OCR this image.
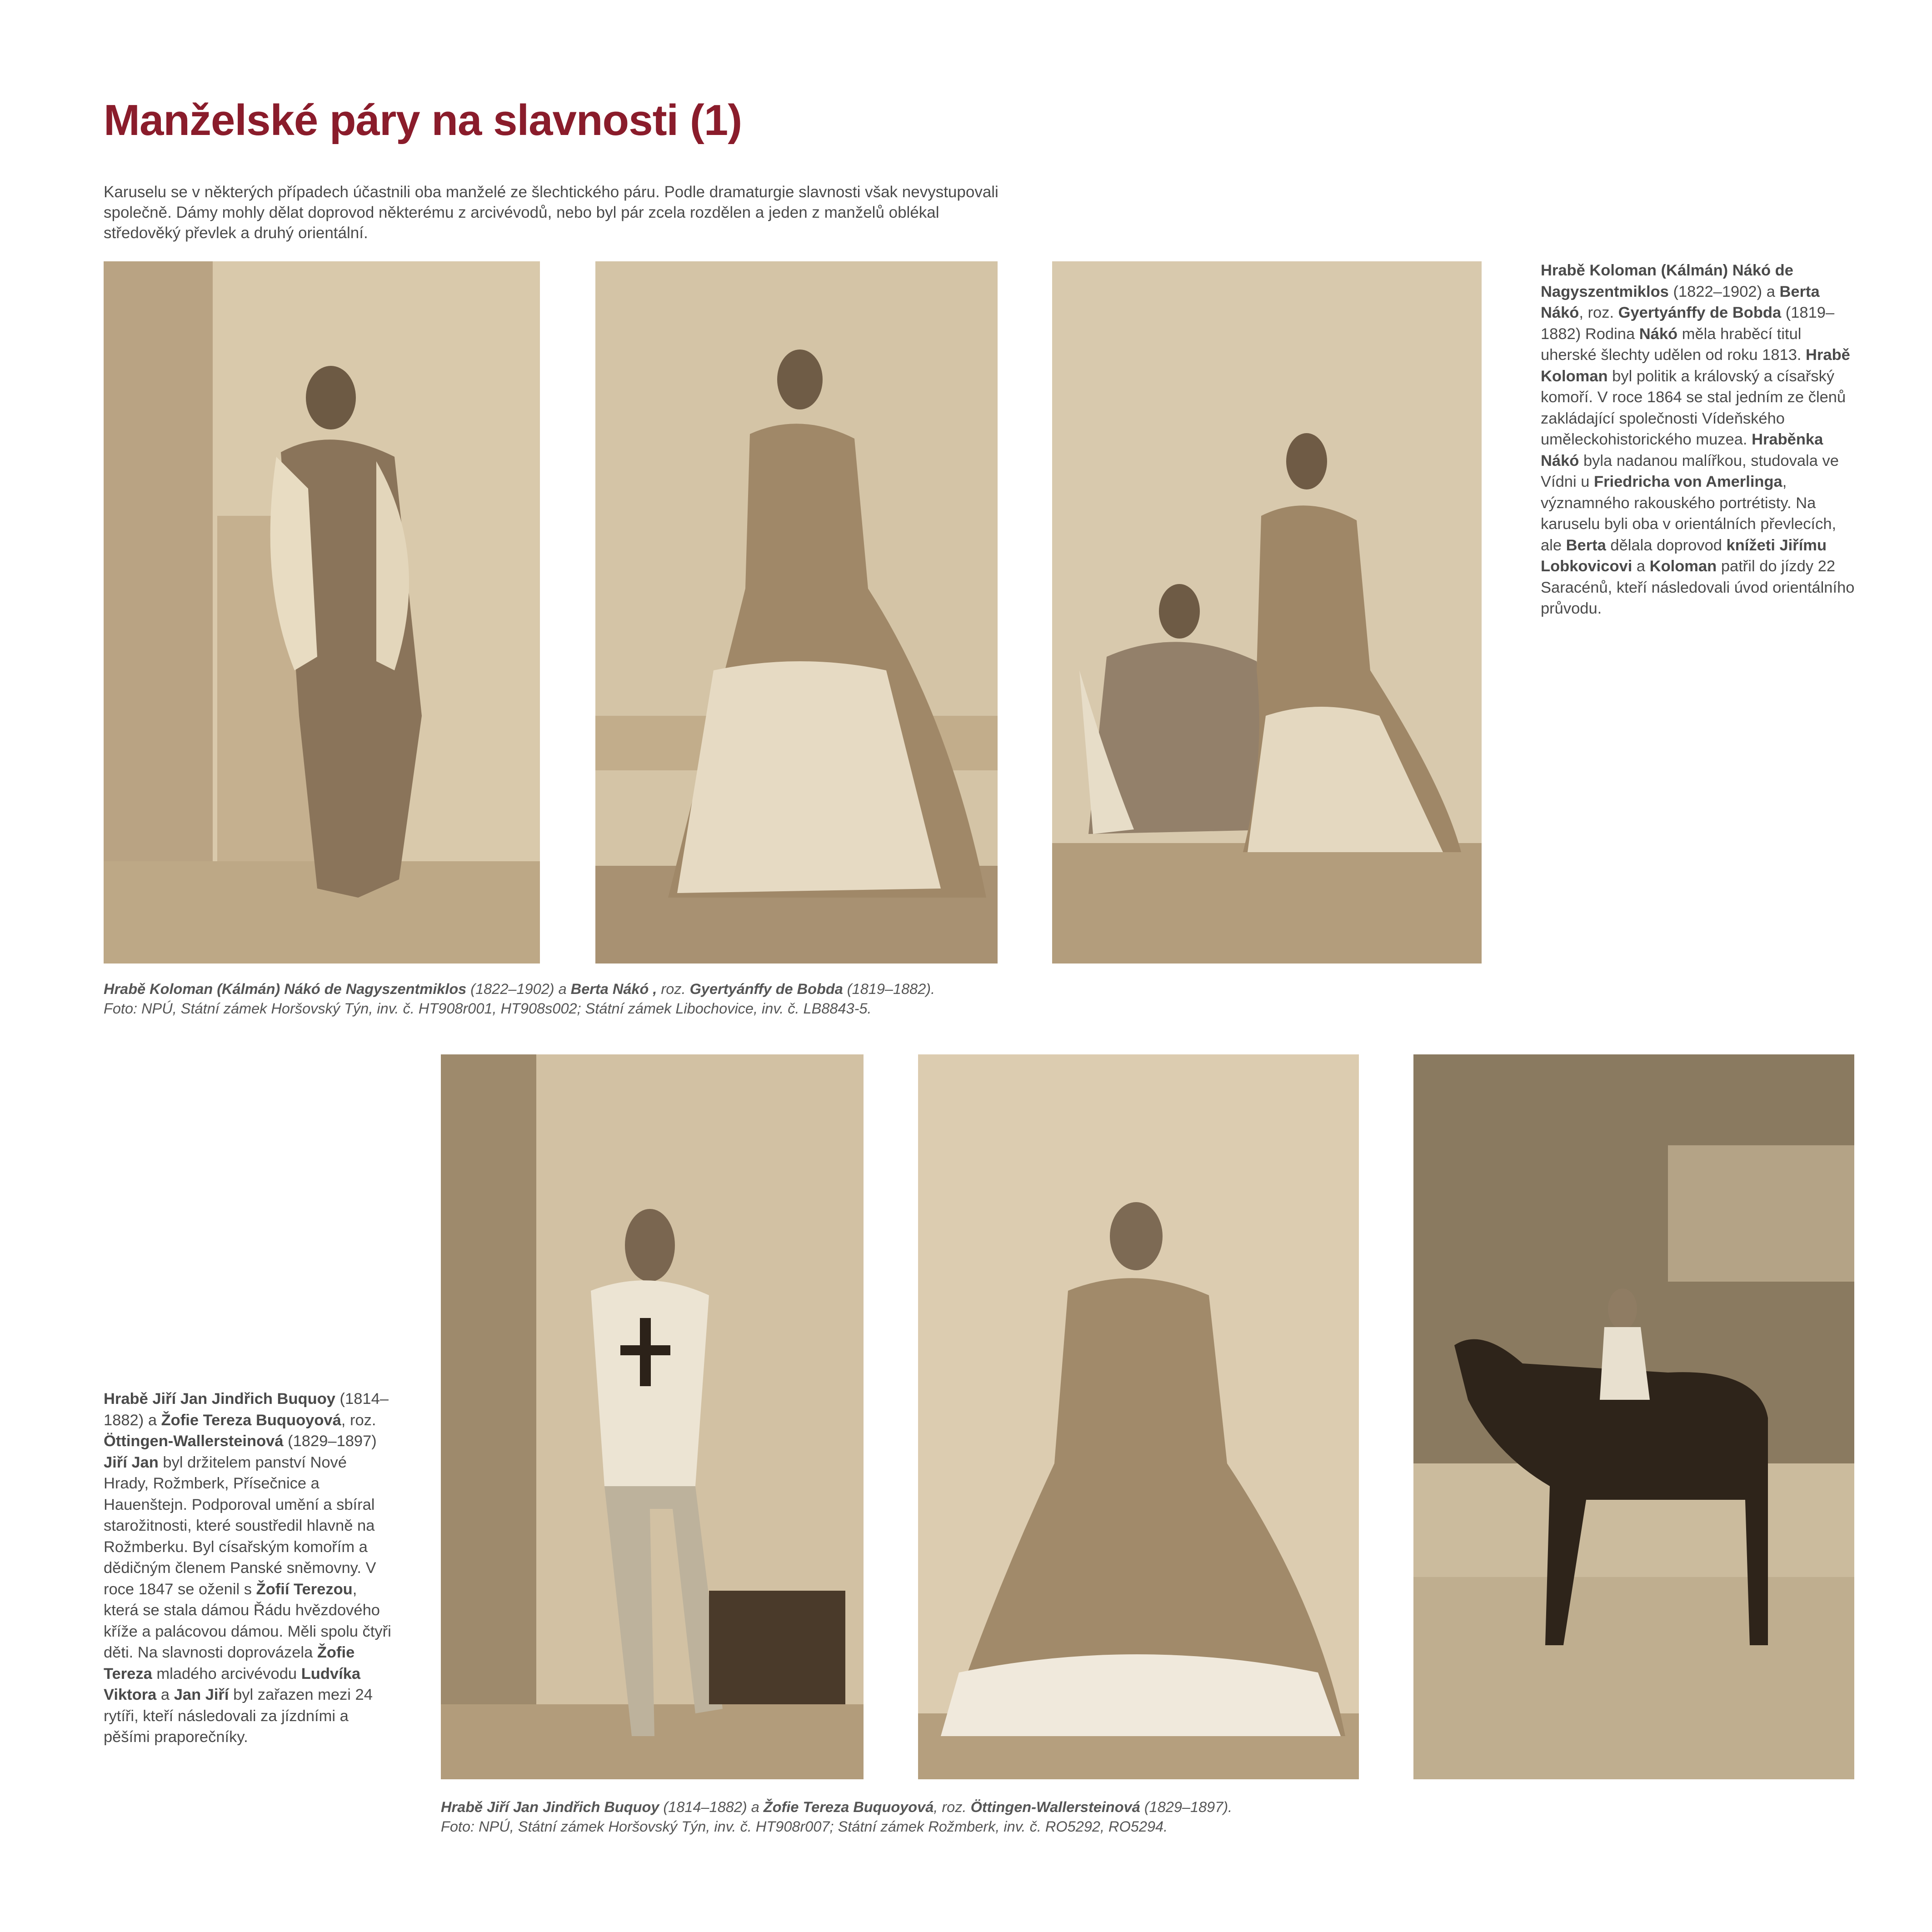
Manželské páry na slavnosti (1)

Karuselu se v některých případech účastnili oba manželé ze šlechtického páru. Podle dramaturgie slavnosti však nevystupovali společně. Dámy mohly dělat doprovod některému z arcivévodů, nebo byl pár zcela rozdělen a jeden z manželů oblékal středověký převlek a druhý orientální.

Hrabě Koloman (Kálmán) Nákó de Nagyszentmiklos (1822–1902) a Berta Nákó, roz. Gyertyánffy de Bobda (1819–1882) Rodina Nákó měla hraběcí titul uherské šlechty udělen od roku 1813. Hrabě Koloman byl politik a královský a císařský komoří. V roce 1864 se stal jedním ze členů zakládající společnosti Vídeňského uměleckohistorického muzea. Hraběnka Nákó byla nadanou malířkou, studovala ve Vídni u Friedricha von Amerlinga, významného rakouského portrétisty. Na karuselu byli oba v orientálních převlecích, ale Berta dělala doprovod knížeti Jiřímu Lobkovicovi a Koloman patřil do jízdy 22 Saracénů, kteří následovali úvod orientálního průvodu.

Hrabě Koloman (Kálmán) Nákó de Nagyszentmiklos (1822–1902) a Berta Nákó , roz. Gyertyánffy de Bobda (1819–1882).

Foto: NPÚ, Státní zámek Horšovský Týn, inv. č. HT908r001, HT908s002; Státní zámek Libochovice, inv. č. LB8843-5.

Hrabě Jiří Jan Jindřich Buquoy (1814–1882) a Žofie Tereza Buquoyová, roz. Öttingen-Wallersteinová (1829–1897) Jiří Jan byl držitelem panství Nové Hrady, Rožmberk, Přísečnice a Hauenštejn. Podporoval umění a sbíral starožitnosti, které soustředil hlavně na Rožmberku. Byl císařským komořím a dědičným členem Panské sněmovny. V roce 1847 se oženil s Žofií Terezou, která se stala dámou Řádu hvězdového kříže a palácovou dámou. Měli spolu čtyři děti. Na slavnosti doprovázela Žofie Tereza mladého arcivévodu Ludvíka Viktora a Jan Jiří byl zařazen mezi 24 rytíři, kteří následovali za jízdními a pěšími praporečníky.

Hrabě Jiří Jan Jindřich Buquoy (1814–1882) a Žofie Tereza Buquoyová, roz. Öttingen-Wallersteinová (1829–1897).

Foto: NPÚ, Státní zámek Horšovský Týn, inv. č. HT908r007; Státní zámek Rožmberk, inv. č. RO5292, RO5294.
